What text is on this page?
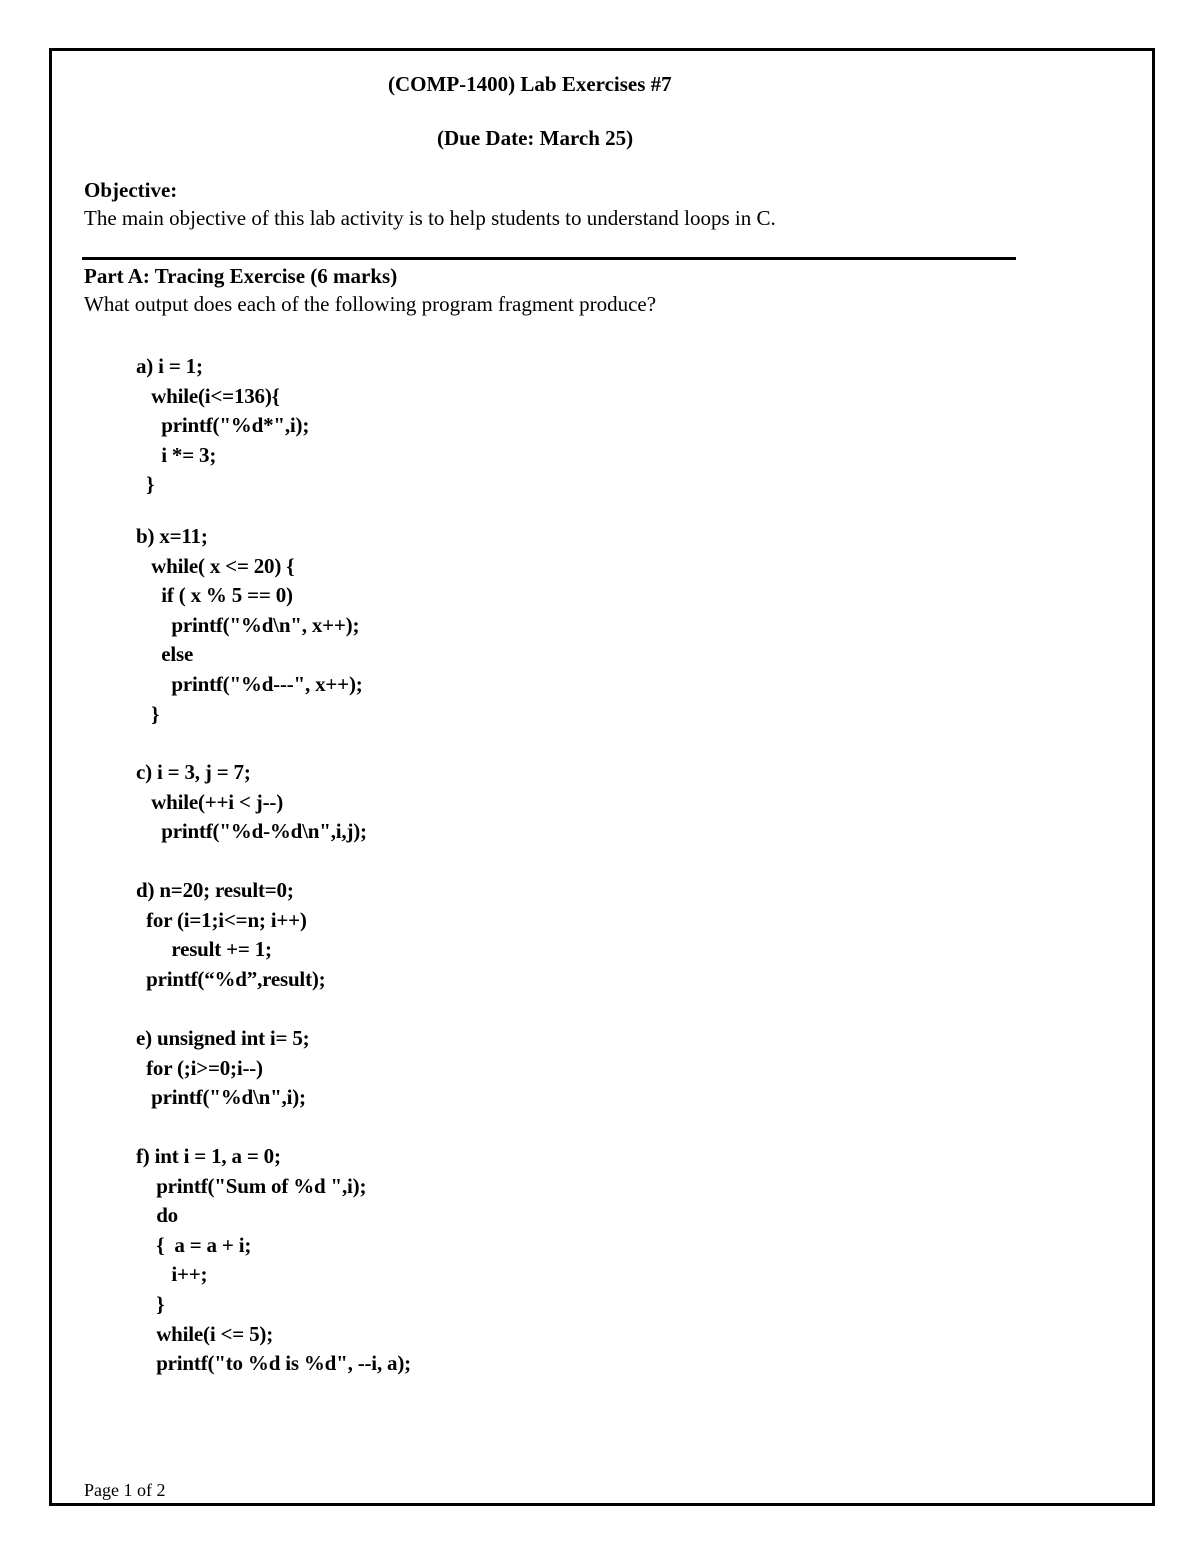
(COMP-1400) Lab Exercises #7
(Due Date: March 25)
Objective:
The main objective of this lab activity is to help students to understand loops in C.
Part A: Tracing Exercise (6 marks)
What output does each of the following program fragment produce?
a) i = 1;
while(i<=136){
printf("%d*",i);
i *= 3;
}
b) x=11;
while( x <= 20) {
if ( x % 5 == 0)
printf("%d\n", x++);
else
printf("%d---", x++);
}
c) i = 3, j = 7;
while(++i < j--)
printf("%d-%d\n",i,j);
d) n=20; result=0;
for (i=1;i<=n; i++)
result += 1;
printf(“%d”,result);
e) unsigned int i= 5;
for (;i>=0;i--)
printf("%d\n",i);
f) int i = 1, a = 0;
printf("Sum of %d ",i);
do
{  a = a + i;
i++;
}
while(i <= 5);
printf("to %d is %d", --i, a);
Page 1 of 2
